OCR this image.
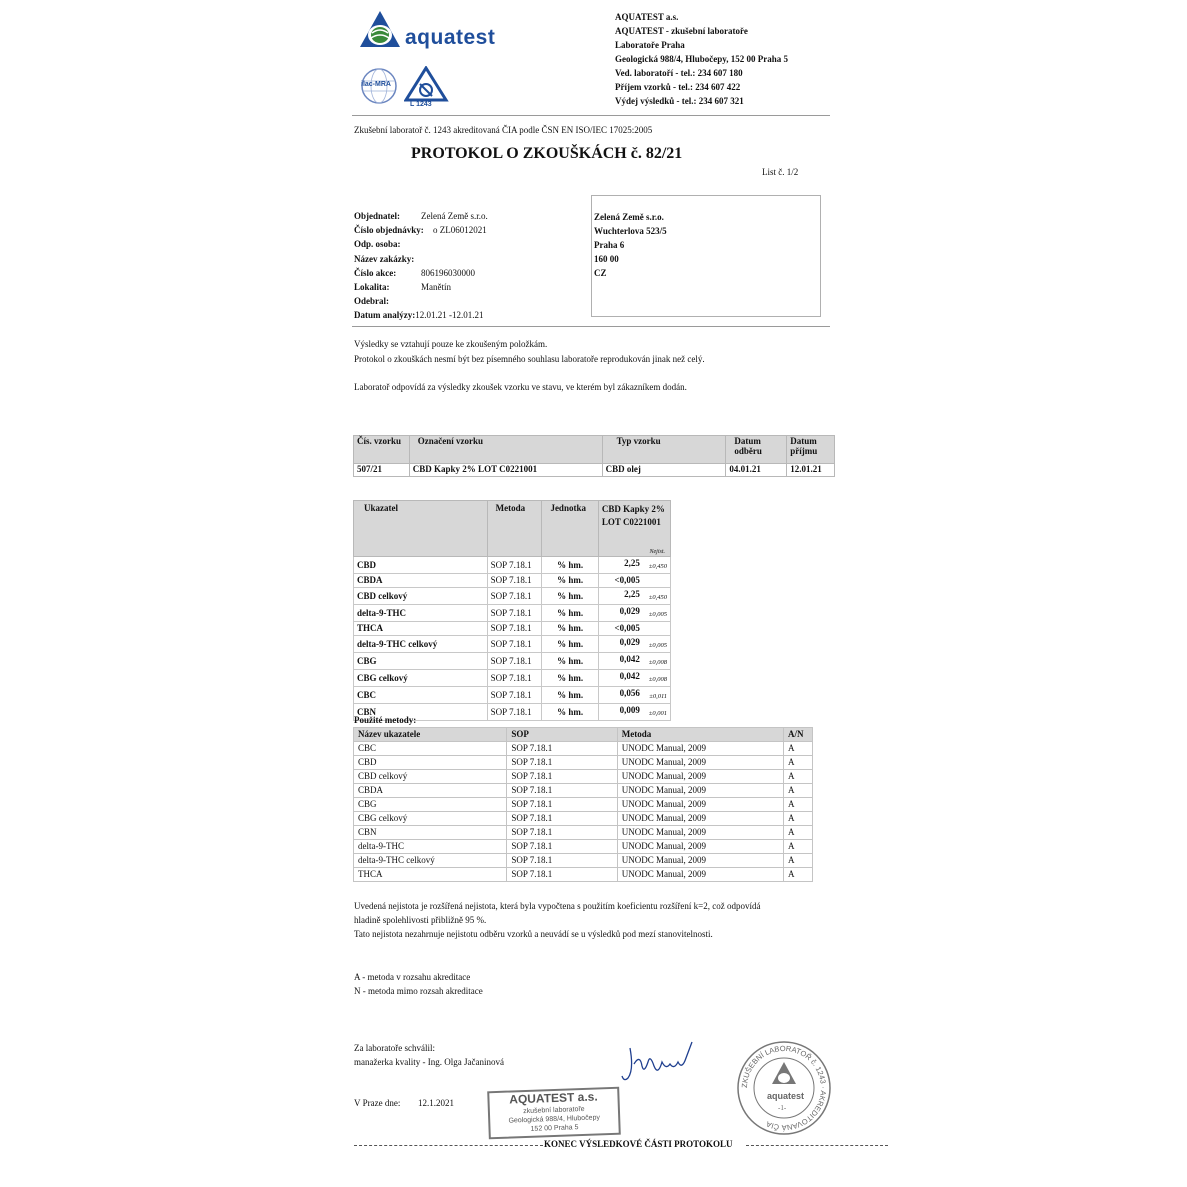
aquatest
ilac-MRA
L 1243
AQUATEST a.s.
AQUATEST - zkušební laboratoře
Laboratoře Praha
Geologická 988/4, Hlubočepy, 152 00 Praha 5
Ved. laboratoří - tel.: 234 607 180
Příjem vzorků - tel.: 234 607 422
Výdej výsledků - tel.: 234 607 321
Zkušební laboratoř č. 1243 akreditovaná ČIA podle ČSN EN ISO/IEC 17025:2005
PROTOKOL O ZKOUŠKÁCH č. 82/21
List č. 1/2
Objednatel: Zelená Země s.r.o.
Číslo objednávky: o ZL06012021
Odp. osoba:
Název zakázky:
Číslo akce:	806196030000
Lokalita:	Manětín
Odebral:
Datum analýzy:12.01.21 -12.01.21
Zelená Země s.r.o.
Wuchterlova 523/5
Praha 6
160 00
CZ
Výsledky se vztahují pouze ke zkoušeným položkám.
Protokol o zkouškách nesmí být bez písemného souhlasu laboratoře reprodukován jinak než celý.
Laboratoř odpovídá za výsledky zkoušek vzorku ve stavu, ve kterém byl zákazníkem dodán.
Čís. vzorku	Označení vzorku	Typ vzorku	Datum odběru	Datum příjmu
507/21	CBD Kapky 2% LOT C0221001	CBD olej	04.01.21	12.01.21
Ukazatel	Metoda	Jednotka	CBD Kapky 2% LOT C0221001
Nejist.

CBD	SOP 7.18.1	% hm.	2,25 ±0,450

CBDA	SOP 7.18.1	% hm.	<0,005

CBD celkový	SOP 7.18.1	% hm.	2,25 ±0,450

delta-9-THC	SOP 7.18.1	% hm.	0,029 ±0,005

THCA	SOP 7.18.1	% hm.	<0,005

delta-9-THC celkový	SOP 7.18.1	% hm.	0,029 ±0,005

CBG	SOP 7.18.1	% hm.	0,042 ±0,008

CBG celkový	SOP 7.18.1	% hm.	0,042 ±0,008

CBC	SOP 7.18.1	% hm.	0,056 ±0,011

CBN	SOP 7.18.1	% hm.	0,009 ±0,001
Použité metody:
Název ukazatele	SOP	Metoda	A/N
CBC	SOP 7.18.1	UNODC Manual, 2009	A
CBD	SOP 7.18.1	UNODC Manual, 2009	A
CBD celkový	SOP 7.18.1	UNODC Manual, 2009	A
CBDA	SOP 7.18.1	UNODC Manual, 2009	A
CBG	SOP 7.18.1	UNODC Manual, 2009	A
CBG celkový	SOP 7.18.1	UNODC Manual, 2009	A
CBN	SOP 7.18.1	UNODC Manual, 2009	A
delta-9-THC	SOP 7.18.1	UNODC Manual, 2009	A
delta-9-THC celkový	SOP 7.18.1	UNODC Manual, 2009	A
THCA	SOP 7.18.1	UNODC Manual, 2009	A
Uvedená nejistota je rozšířená nejistota, která byla vypočtena s použitím koeficientu rozšíření k=2, což odpovídá
hladině spolehlivosti přibližně 95 %.
Tato nejistota nezahrnuje nejistotu odběru vzorků a neuvádí se u výsledků pod mezí stanovitelnosti.
A - metoda v rozsahu akreditace
N - metoda mimo rozsah akreditace
Za laboratoře schválil:
manažerka kvality - Ing. Olga Jačaninová
V Praze dne: 12.1.2021	AQUATEST a.s.
zkušební laboratoře
Geologická 988/4, Hlubočepy
152 00 Praha 5
ZKUŠEBNÍ LABORATOŘ č. 1243 · AKREDITOVANÁ ČIA
aquatest
-1-
KONEC VÝSLEDKOVÉ ČÁSTI PROTOKOLU
